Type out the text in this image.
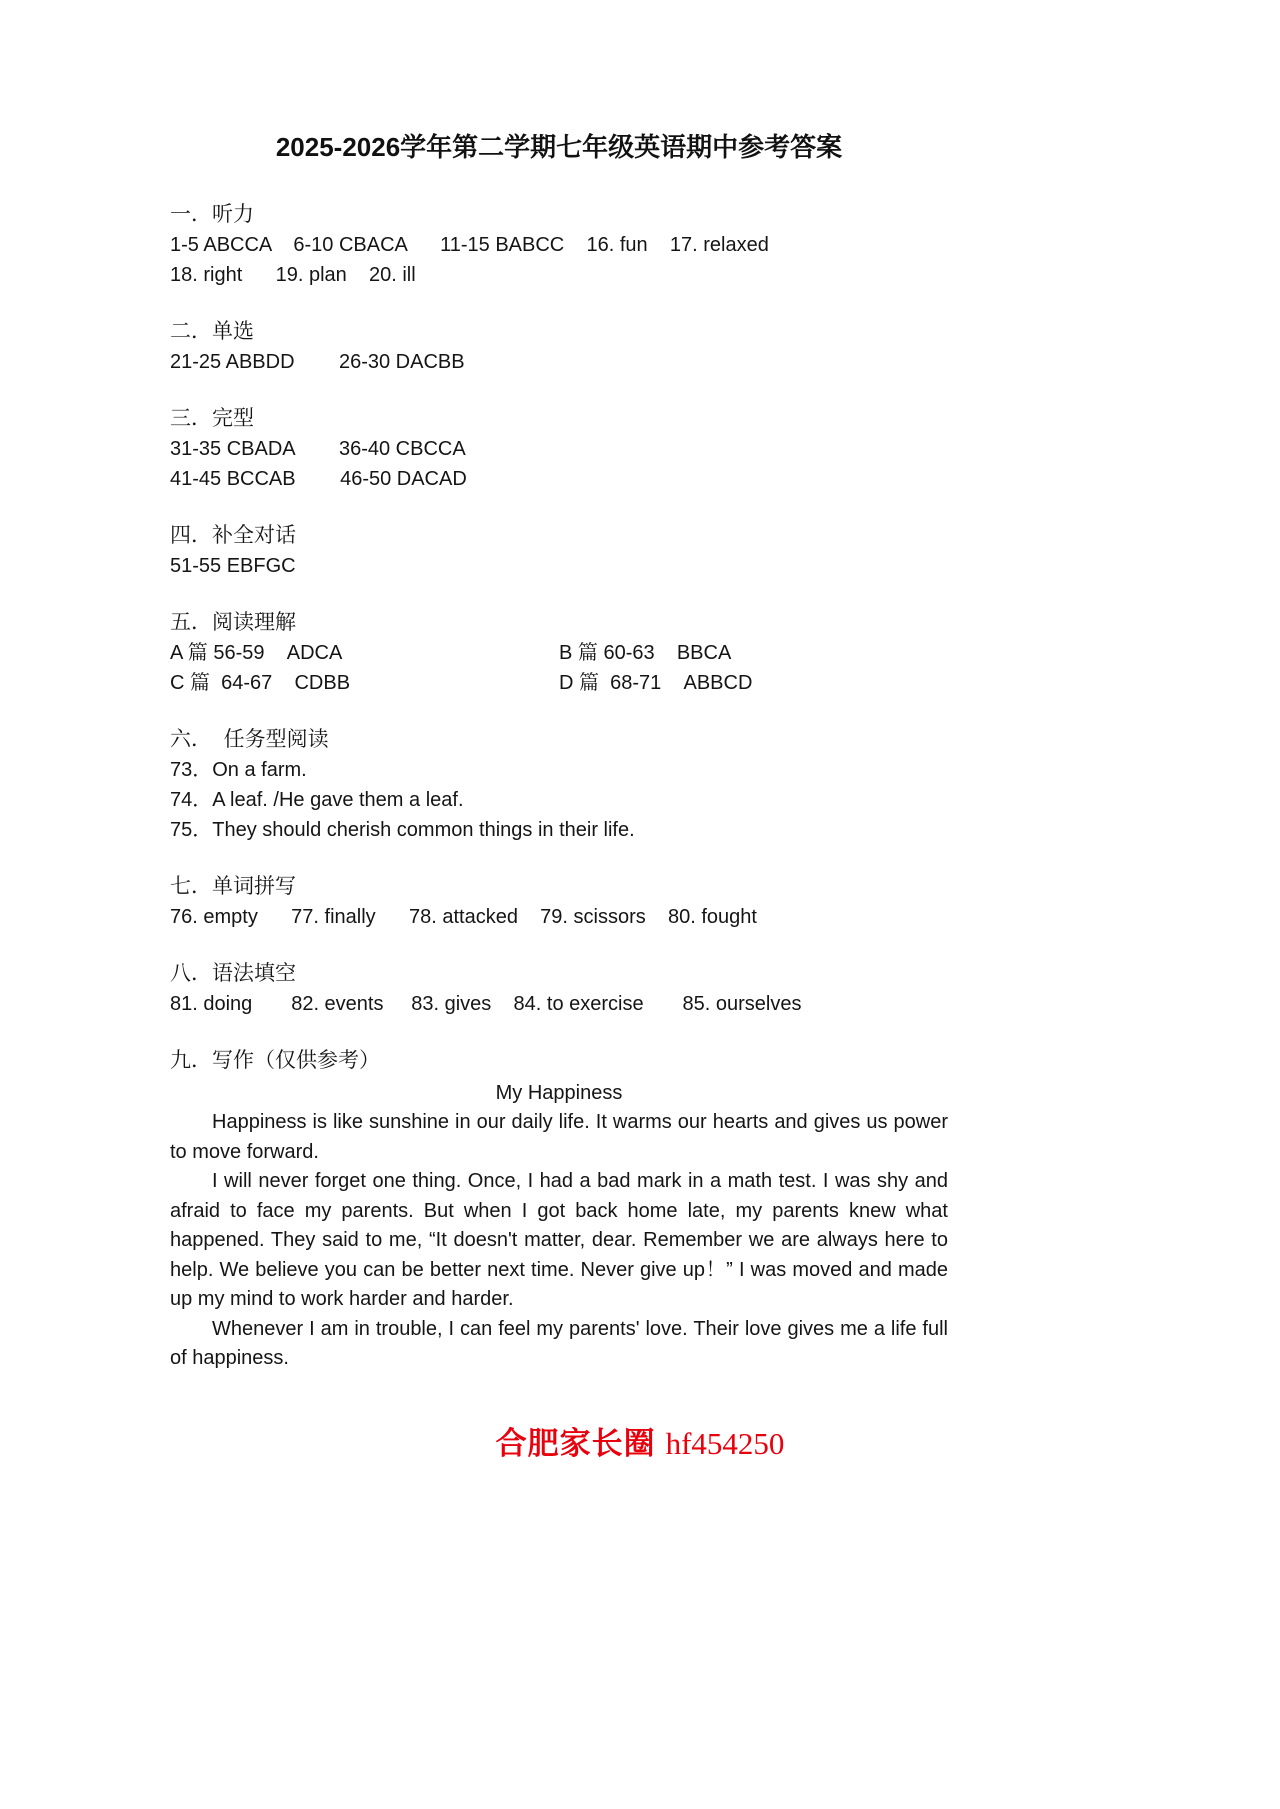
2025-2026学年第二学期七年级英语期中参考答案
一．听力
1-5 ABCCA    6-10 CBACA      11-15 BABCC    16. fun    17. relaxed
18. right      19. plan    20. ill
二．单选
21-25 ABBDD        26-30 DACBB
三．完型
31-35 CBADA        36-40 CBCCA
41-45 BCCAB        46-50 DACAD
四．补全对话
51-55 EBFGC
五．阅读理解
A 篇 56-59    ADCA	B 篇 60-63    BBCA
C 篇  64-67    CDBB	D 篇  68-71    ABBCD
六．  任务型阅读
73．On a farm.
74．A leaf. /He gave them a leaf.
75．They should cherish common things in their life.
七．单词拼写
76. empty      77. finally      78. attacked    79. scissors    80. fought
八．语法填空
81. doing       82. events     83. gives    84. to exercise       85. ourselves
九．写作（仅供参考）
My Happiness

Happiness is like sunshine in our daily life. It warms our hearts and gives us power to move forward.

I will never forget one thing. Once, I had a bad mark in a math test. I was shy and afraid to face my parents. But when I got back home late, my parents knew what happened. They said to me, “It doesn't matter, dear. Remember we are always here to help. We believe you can be better next time. Never give up！” I was moved and made up my mind to work harder and harder.

Whenever I am in trouble, I can feel my parents' love. Their love gives me a life full of happiness.

合肥家长圈 hf454250
